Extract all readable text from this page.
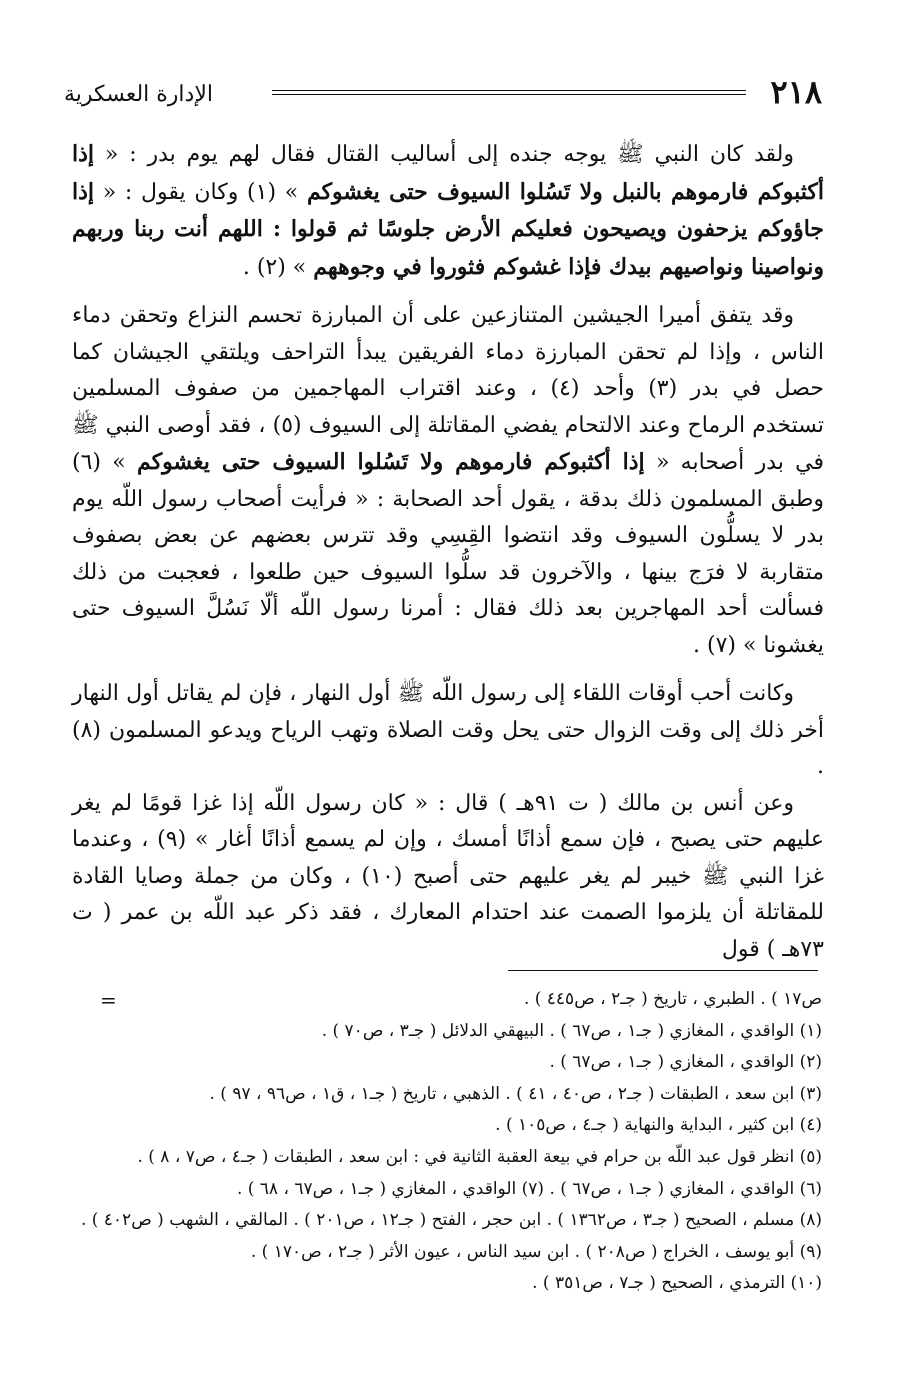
٢١٨
الإدارة العسكرية

ولقد كان النبي ﷺ يوجه جنده إلى أساليب القتال فقال لهم يوم بدر : « إذا أكثبوكم فارموهم بالنبل ولا تَسُلوا السيوف حتى يغشوكم » (١) وكان يقول : « إذا جاؤوكم يزحفون ويصيحون فعليكم الأرض جلوسًا ثم قولوا : اللهم أنت ربنا وربهم ونواصينا ونواصيهم بيدك فإذا غشوكم فثوروا في وجوههم » (٢) .

وقد يتفق أميرا الجيشين المتنازعين على أن المبارزة تحسم النزاع وتحقن دماء الناس ، وإذا لم تحقن المبارزة دماء الفريقين يبدأ التراحف ويلتقي الجيشان كما حصل في بدر (٣) وأحد (٤) ، وعند اقتراب المهاجمين من صفوف المسلمين تستخدم الرماح وعند الالتحام يفضي المقاتلة إلى السيوف (٥) ، فقد أوصى النبي ﷺ في بدر أصحابه « إذا أكثبوكم فارموهم ولا تَسُلوا السيوف حتى يغشوكم » (٦) وطبق المسلمون ذلك بدقة ، يقول أحد الصحابة : « فرأيت أصحاب رسول اللّه يوم بدر لا يسلُّون السيوف وقد انتضوا القِسِي وقد تترس بعضهم عن بعض بصفوف متقاربة لا فرَج بينها ، والآخرون قد سلُّوا السيوف حين طلعوا ، فعجبت من ذلك فسألت أحد المهاجرين بعد ذلك فقال : أمرنا رسول اللّه ألّا نَسُلَّ السيوف حتى يغشونا » (٧) .

وكانت أحب أوقات اللقاء إلى رسول اللّه ﷺ أول النهار ، فإن لم يقاتل أول النهار أخر ذلك إلى وقت الزوال حتى يحل وقت الصلاة وتهب الرياح ويدعو المسلمون (٨) .

وعن أنس بن مالك ( ت ٩١هـ ) قال : « كان رسول اللّه إذا غزا قومًا لم يغر عليهم حتى يصبح ، فإن سمع أذانًا أمسك ، وإن لم يسمع أذانًا أغار » (٩) ، وعندما غزا النبي ﷺ خيبر لم يغر عليهم حتى أصبح (١٠) ، وكان من جملة وصايا القادة للمقاتلة أن يلزموا الصمت عند احتدام المعارك ، فقد ذكر عبد اللّه بن عمر ( ت ٧٣هـ ) قول

=	ص١٧ ) . الطبري ، تاريخ ( جـ٢ ، ص٤٤٥ ) .

(١) الواقدي ، المغازي ( جـ١ ، ص٦٧ ) . البيهقي الدلائل ( جـ٣ ، ص٧٠ ) .

(٢) الواقدي ، المغازي ( جـ١ ، ص٦٧ ) .

(٣) ابن سعد ، الطبقات ( جـ٢ ، ص٤٠ ، ٤١ ) . الذهبي ، تاريخ ( جـ١ ، ق١ ، ص٩٦ ، ٩٧ ) .

(٤) ابن كثير ، البداية والنهاية ( جـ٤ ، ص١٠٥ ) .

(٥) انظر قول عبد اللّه بن حرام في بيعة العقبة الثانية في : ابن سعد ، الطبقات ( جـ٤ ، ص٧ ، ٨ ) .

(٦) الواقدي ، المغازي ( جـ١ ، ص٦٧ ) . (٧) الواقدي ، المغازي ( جـ١ ، ص٦٧ ، ٦٨ ) .

(٨) مسلم ، الصحيح ( جـ٣ ، ص١٣٦٢ ) . ابن حجر ، الفتح ( جـ١٢ ، ص٢٠١ ) . المالقي ، الشهب ( ص٤٠٢ ) .

(٩) أبو يوسف ، الخراج ( ص٢٠٨ ) . ابن سيد الناس ، عيون الأثر ( جـ٢ ، ص١٧٠ ) .

(١٠) الترمذي ، الصحيح ( جـ٧ ، ص٣٥١ ) .
